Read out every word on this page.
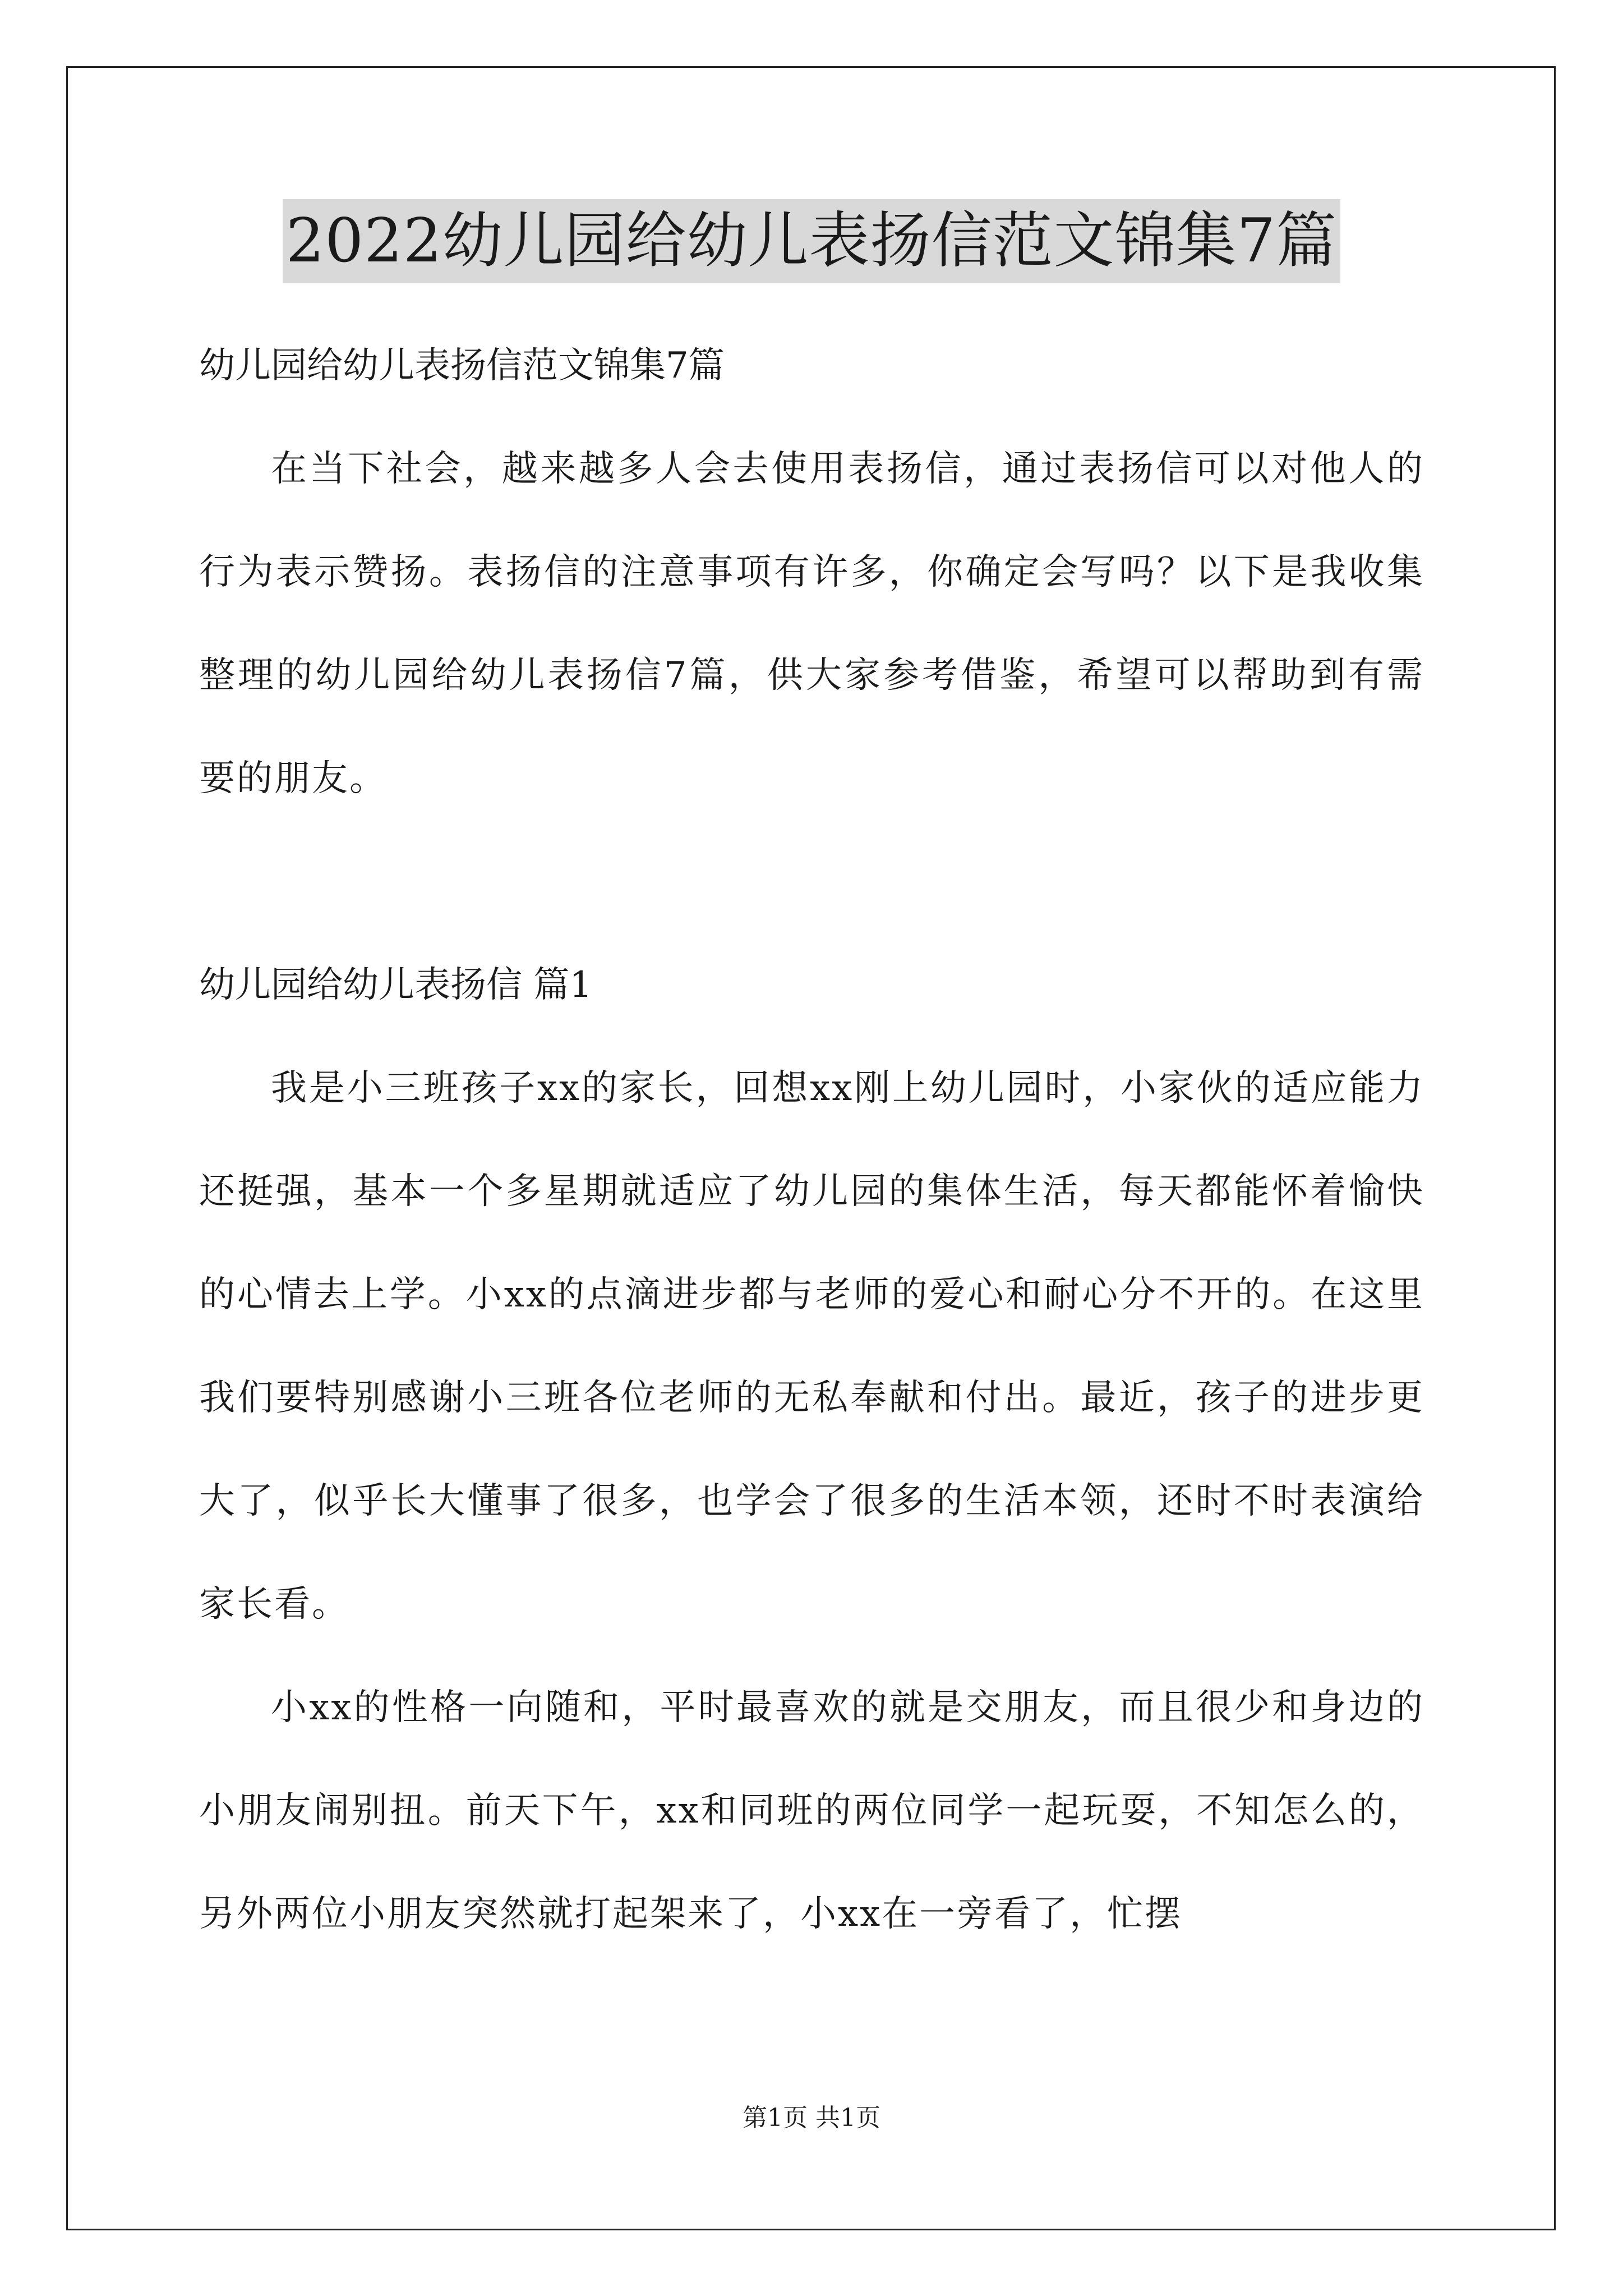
2022幼儿园给幼儿表扬信范文锦集7篇

幼儿园给幼儿表扬信范文锦集7篇

在当下社会，越来越多人会去使用表扬信，通过表扬信可以对他人的行为表示赞扬。表扬信的注意事项有许多，你确定会写吗？以下是我收集整理的幼儿园给幼儿表扬信7篇，供大家参考借鉴，希望可以帮助到有需要的朋友。

幼儿园给幼儿表扬信 篇1

我是小三班孩子xx的家长，回想xx刚上幼儿园时，小家伙的适应能力还挺强，基本一个多星期就适应了幼儿园的集体生活，每天都能怀着愉快的心情去上学。小xx的点滴进步都与老师的爱心和耐心分不开的。在这里我们要特别感谢小三班各位老师的无私奉献和付出。最近，孩子的进步更大了，似乎长大懂事了很多，也学会了很多的生活本领，还时不时表演给家长看。

小xx的性格一向随和，平时最喜欢的就是交朋友，而且很少和身边的小朋友闹别扭。前天下午，xx和同班的两位同学一起玩耍，不知怎么的，另外两位小朋友突然就打起架来了，小xx在一旁看了，忙摆

第1页 共1页
